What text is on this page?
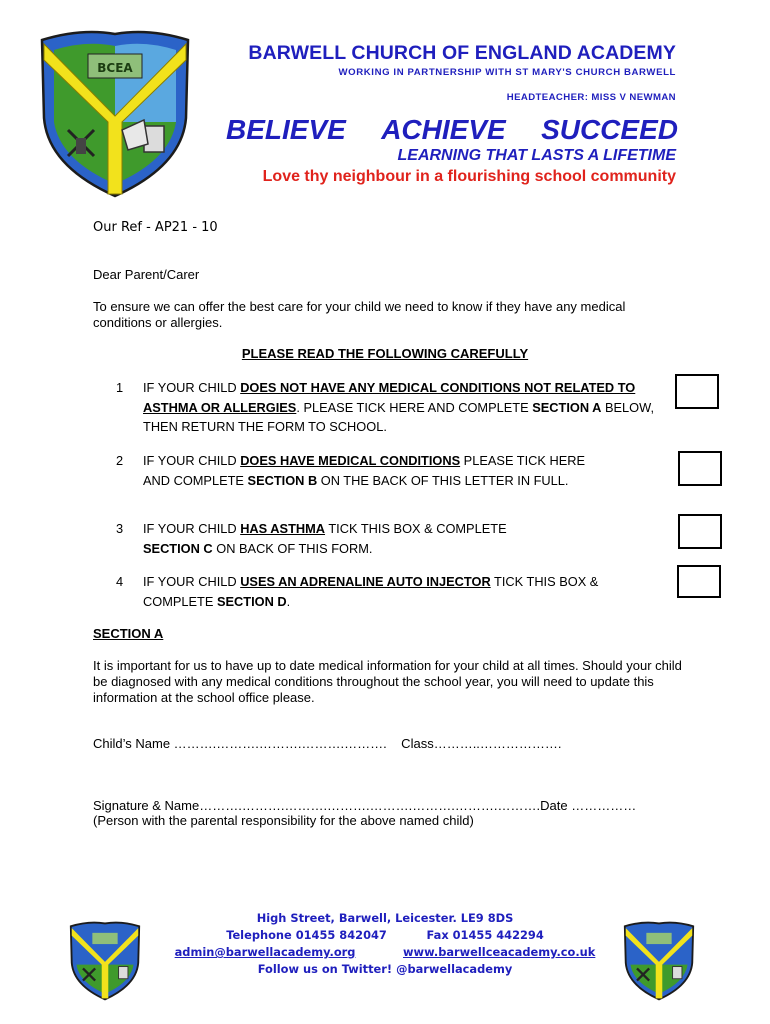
BCEA
BARWELL CHURCH OF ENGLAND ACADEMY
WORKING IN PARTNERSHIP WITH ST MARY'S CHURCH BARWELL
HEADTEACHER: MISS V NEWMAN
BELIEVE ACHIEVE SUCCEED
LEARNING THAT LASTS A LIFETIME
Love thy neighbour in a flourishing school community
Our Ref - AP21 - 10
Dear Parent/Carer
To ensure we can offer the best care for your child we need to know if they have any medical conditions or allergies.
PLEASE READ THE FOLLOWING CAREFULLY
1	IF YOUR CHILD DOES NOT HAVE ANY MEDICAL CONDITIONS NOT RELATED TO ASTHMA OR ALLERGIES. PLEASE TICK HERE AND COMPLETE SECTION A BELOW, THEN RETURN THE FORM TO SCHOOL.
2	IF YOUR CHILD DOES HAVE MEDICAL CONDITIONS PLEASE TICK HERE AND COMPLETE SECTION B ON THE BACK OF THIS LETTER IN FULL.
3	IF YOUR CHILD HAS ASTHMA TICK THIS BOX & COMPLETE SECTION C ON BACK OF THIS FORM.
4	IF YOUR CHILD USES AN ADRENALINE AUTO INJECTOR TICK THIS BOX & COMPLETE SECTION D.
SECTION A
It is important for us to have up to date medical information for your child at all times. Should your child be diagnosed with any medical conditions throughout the school year, you will need to update this information at the school office please.
Child’s Name ……….……….……….……….……….    Class………..……………….
Signature & Name……….……….……….……….……….……….……….……….Date ……………
(Person with the parental responsibility for the above named child)
High Street, Barwell, Leicester. LE9 8DS
Telephone 01455 842047	Fax 01455 442294
admin@barwellacademy.org	www.barwellceacademy.co.uk
Follow us on Twitter! @barwellacademy
